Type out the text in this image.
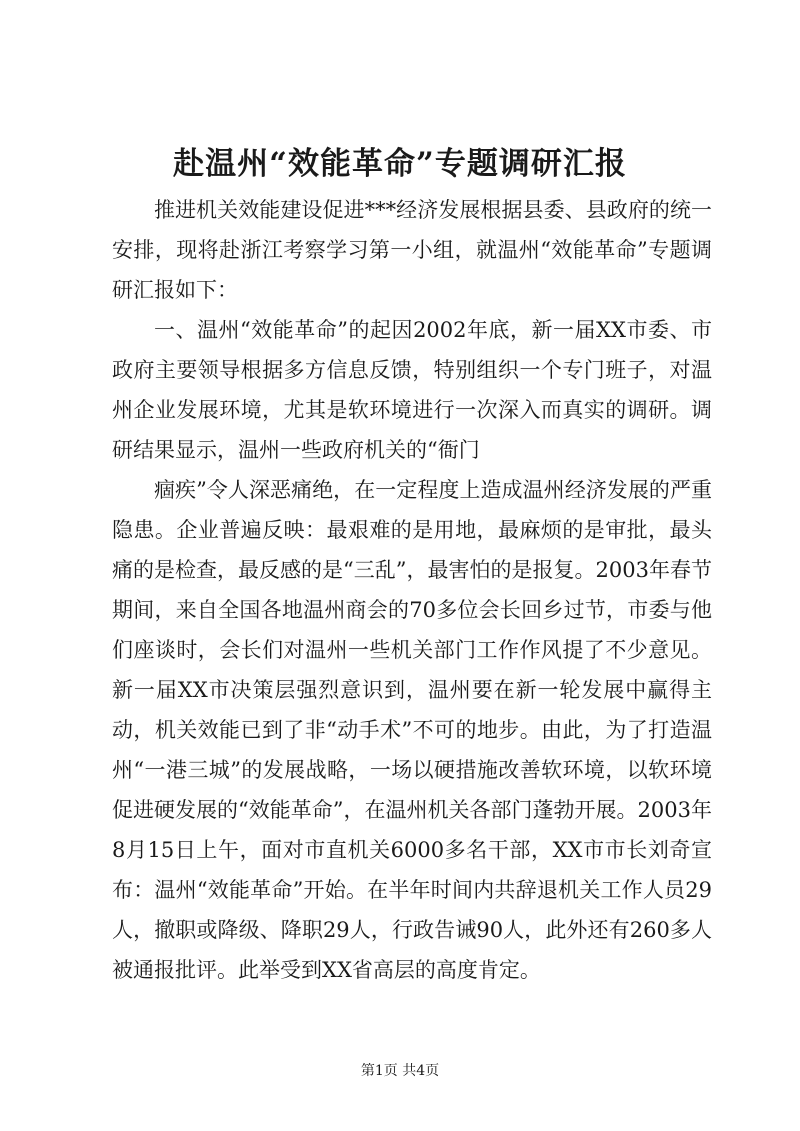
赴温州“效能革命”专题调研汇报

推进机关效能建设促进***经济发展根据县委、县政府的统一安排，现将赴浙江考察学习第一小组，就温州“效能革命”专题调研汇报如下：

一、温州“效能革命”的起因2002年底，新一届XX市委、市政府主要领导根据多方信息反馈，特别组织一个专门班子，对温州企业发展环境，尤其是软环境进行一次深入而真实的调研。调研结果显示，温州一些政府机关的“衙门

痼疾”令人深恶痛绝，在一定程度上造成温州经济发展的严重隐患。企业普遍反映：最艰难的是用地，最麻烦的是审批，最头痛的是检查，最反感的是“三乱”，最害怕的是报复。2003年春节期间，来自全国各地温州商会的70多位会长回乡过节，市委与他们座谈时，会长们对温州一些机关部门工作作风提了不少意见。新一届XX市决策层强烈意识到，温州要在新一轮发展中赢得主动，机关效能已到了非“动手术”不可的地步。由此，为了打造温州“一港三城”的发展战略，一场以硬措施改善软环境，以软环境促进硬发展的“效能革命”，在温州机关各部门蓬勃开展。2003年8月15日上午，面对市直机关6000多名干部，XX市市长刘奇宣布：温州“效能革命”开始。在半年时间内共辞退机关工作人员29人，撤职或降级、降职29人，行政告诫90人，此外还有260多人被通报批评。此举受到XX省高层的高度肯定。

第1页 共4页
